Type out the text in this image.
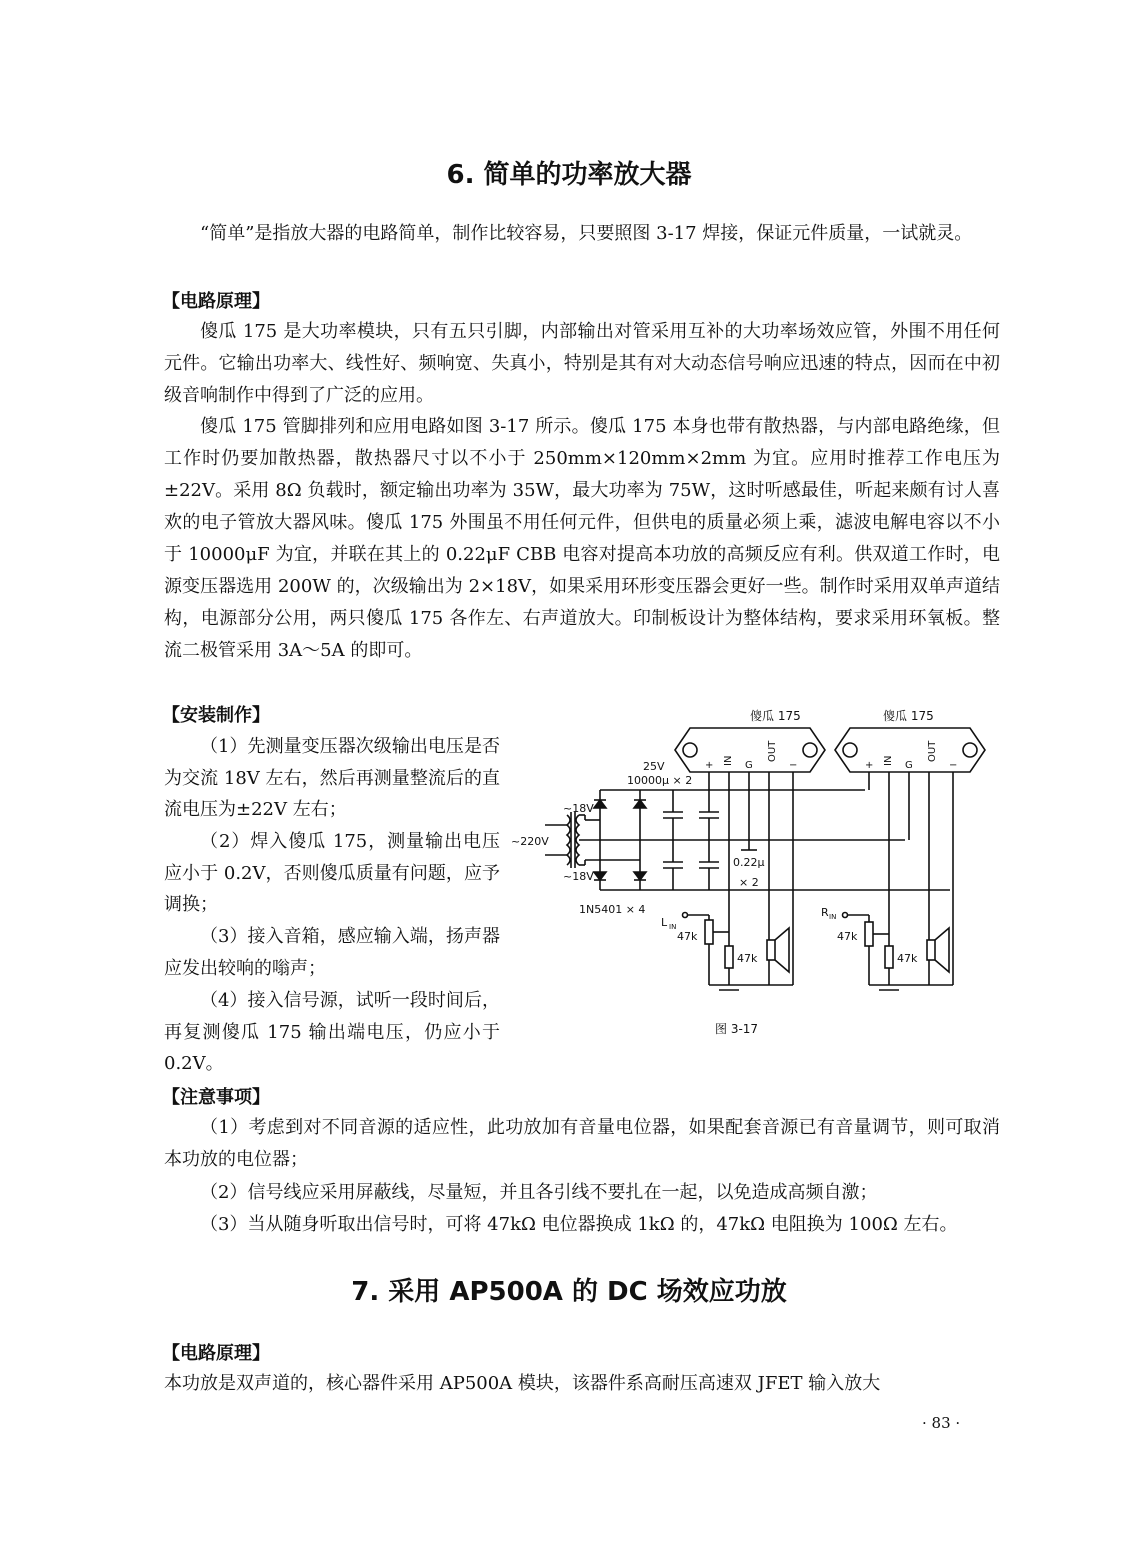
6. 简单的功率放大器
“简单”是指放大器的电路简单，制作比较容易，只要照图 3-17 焊接，保证元件质量，一试就灵。
【电路原理】
傻瓜 175 是大功率模块，只有五只引脚，内部输出对管采用互补的大功率场效应管，外围不用任何元件。它输出功率大、线性好、频响宽、失真小，特别是其有对大动态信号响应迅速的特点，因而在中初级音响制作中得到了广泛的应用。
傻瓜 175 管脚排列和应用电路如图 3-17 所示。傻瓜 175 本身也带有散热器，与内部电路绝缘，但工作时仍要加散热器，散热器尺寸以不小于 250mm×120mm×2mm 为宜。应用时推荐工作电压为±22V。采用 8Ω 负载时，额定输出功率为 35W，最大功率为 75W，这时听感最佳，听起来颇有讨人喜欢的电子管放大器风味。傻瓜 175 外围虽不用任何元件，但供电的质量必须上乘，滤波电解电容以不小于 10000μF 为宜，并联在其上的 0.22μF CBB 电容对提高本功放的高频反应有利。供双道工作时，电源变压器选用 200W 的，次级输出为 2×18V，如果采用环形变压器会更好一些。制作时采用双单声道结构，电源部分公用，两只傻瓜 175 各作左、右声道放大。印制板设计为整体结构，要求采用环氧板。整流二极管采用 3A～5A 的即可。
【安装制作】
（1）先测量变压器次级输出电压是否为交流 18V 左右，然后再测量整流后的直流电压为±22V 左右；
（2）焊入傻瓜 175，测量输出电压应小于 0.2V，否则傻瓜质量有问题，应予调换；
（3）接入音箱，感应输入端，扬声器应发出较响的嗡声；
（4）接入信号源，试听一段时间后，再复测傻瓜 175 输出端电压，仍应小于 0.2V。
傻瓜 175	傻瓜 175
+ IN G
OUT
−	+ IN G
OUT
−
25V
10000μ × 2
0.22μ
× 2
~18V
~18V
~220V
1N5401 × 4
L IN
47k
47k
R IN
47k
47k
图 3-17
【注意事项】
（1）考虑到对不同音源的适应性，此功放加有音量电位器，如果配套音源已有音量调节，则可取消本功放的电位器；
（2）信号线应采用屏蔽线，尽量短，并且各引线不要扎在一起，以免造成高频自激；
（3）当从随身听取出信号时，可将 47kΩ 电位器换成 1kΩ 的，47kΩ 电阻换为 100Ω 左右。
7. 采用 AP500A 的 DC 场效应功放
【电路原理】
本功放是双声道的，核心器件采用 AP500A 模块，该器件系高耐压高速双 JFET 输入放大
· 83 ·
